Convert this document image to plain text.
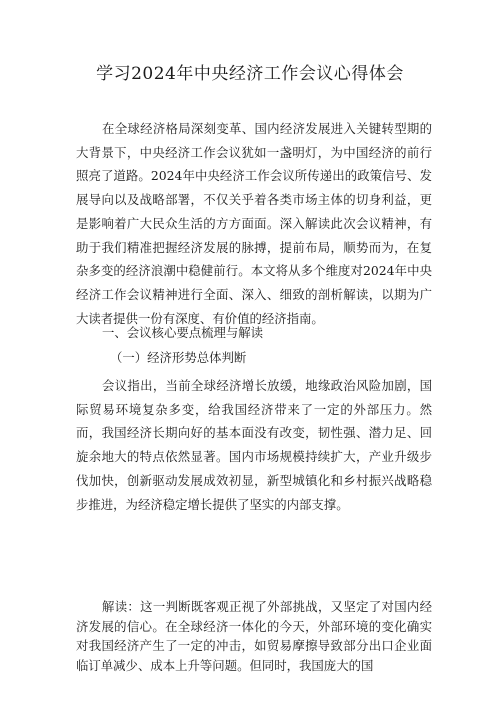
学习2024年中央经济工作会议心得体会

在全球经济格局深刻变革、国内经济发展进入关键转型期的大背景下，中央经济工作会议犹如一盏明灯，为中国经济的前行照亮了道路。2024年中央经济工作会议所传递出的政策信号、发展导向以及战略部署，不仅关乎着各类市场主体的切身利益，更是影响着广大民众生活的方方面面。深入解读此次会议精神，有助于我们精准把握经济发展的脉搏，提前布局，顺势而为，在复杂多变的经济浪潮中稳健前行。本文将从多个维度对2024年中央经济工作会议精神进行全面、深入、细致的剖析解读，以期为广大读者提供一份有深度、有价值的经济指南。

一、会议核心要点梳理与解读
（一）经济形势总体判断

会议指出，当前全球经济增长放缓，地缘政治风险加剧，国际贸易环境复杂多变，给我国经济带来了一定的外部压力。然而，我国经济长期向好的基本面没有改变，韧性强、潜力足、回旋余地大的特点依然显著。国内市场规模持续扩大，产业升级步伐加快，创新驱动发展成效初显，新型城镇化和乡村振兴战略稳步推进，为经济稳定增长提供了坚实的内部支撑。

解读：这一判断既客观正视了外部挑战，又坚定了对国内经济发展的信心。在全球经济一体化的今天，外部环境的变化确实对我国经济产生了一定的冲击，如贸易摩擦导致部分出口企业面临订单减少、成本上升等问题。但同时，我国庞大的国
